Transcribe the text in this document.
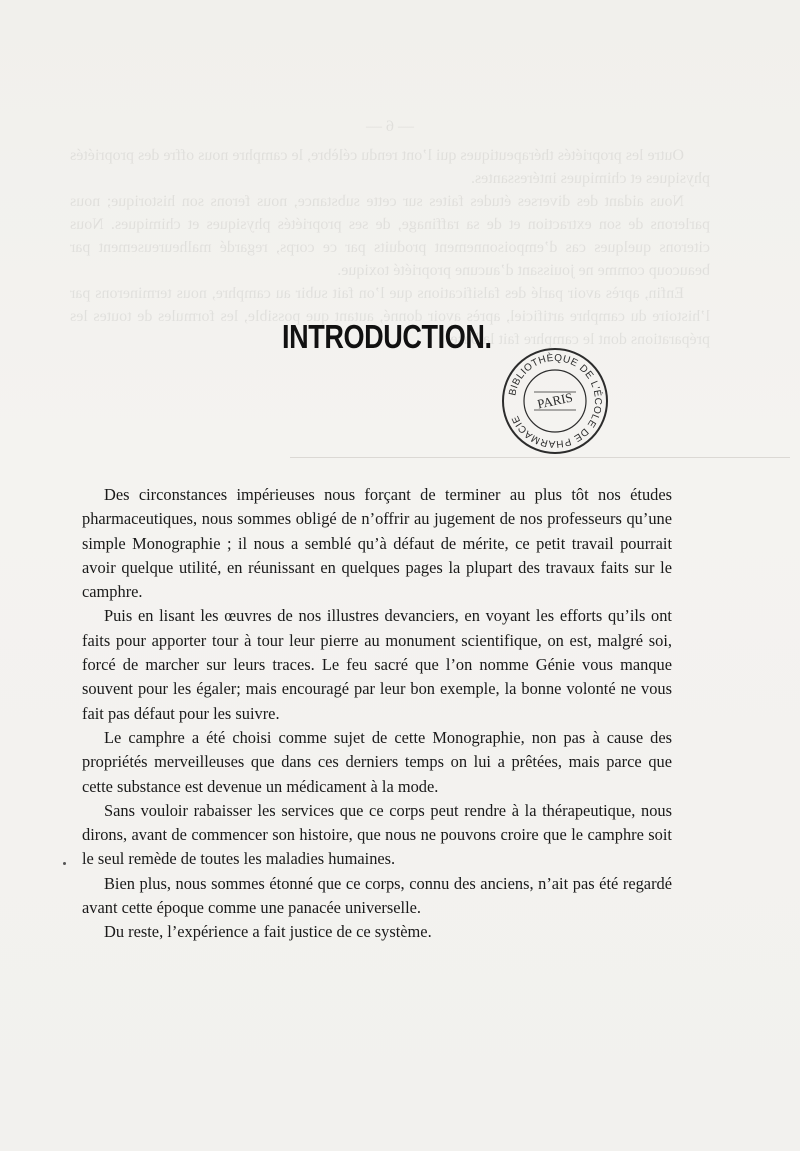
— 6 —

Outre les propriétés thérapeutiques qui l’ont rendu célèbre, le camphre nous offre des propriétés physiques et chimiques intéressantes.

Nous aidant des diverses études faites sur cette substance, nous ferons son historique; nous parlerons de son extraction et de sa raffinage, de ses propriétés physiques et chimiques. Nous citerons quelques cas d’empoisonnement produits par ce corps, regardé malheureusement par beaucoup comme ne jouissant d’aucune propriété toxique.

Enfin, après avoir parlé des falsifications que l’on fait subir au camphre, nous terminerons par l’histoire du camphre artificiel, après avoir donné, autant que possible, les formules de toutes les préparations dont le camphre fait la base.

INTRODUCTION.
BIBLIOTHÈQUE DE L'ÉCOLE DE PHARMACIE
PARIS

Des circonstances impérieuses nous forçant de terminer au plus tôt nos études pharmaceutiques, nous sommes obligé de n’offrir au jugement de nos professeurs qu’une simple Monographie ; il nous a semblé qu’à défaut de mérite, ce petit travail pourrait avoir quelque utilité, en réunissant en quelques pages la plupart des travaux faits sur le camphre.

Puis en lisant les œuvres de nos illustres devanciers, en voyant les efforts qu’ils ont faits pour apporter tour à tour leur pierre au monument scientifique, on est, malgré soi, forcé de marcher sur leurs traces. Le feu sacré que l’on nomme Génie vous manque souvent pour les égaler; mais encouragé par leur bon exemple, la bonne volonté ne vous fait pas défaut pour les suivre.

Le camphre a été choisi comme sujet de cette Monographie, non pas à cause des propriétés merveilleuses que dans ces derniers temps on lui a prêtées, mais parce que cette substance est devenue un médicament à la mode.

Sans vouloir rabaisser les services que ce corps peut rendre à la thérapeutique, nous dirons, avant de commencer son histoire, que nous ne pouvons croire que le camphre soit le seul remède de toutes les maladies humaines.

Bien plus, nous sommes étonné que ce corps, connu des anciens, n’ait pas été regardé avant cette époque comme une panacée universelle.

Du reste, l’expérience a fait justice de ce système.
